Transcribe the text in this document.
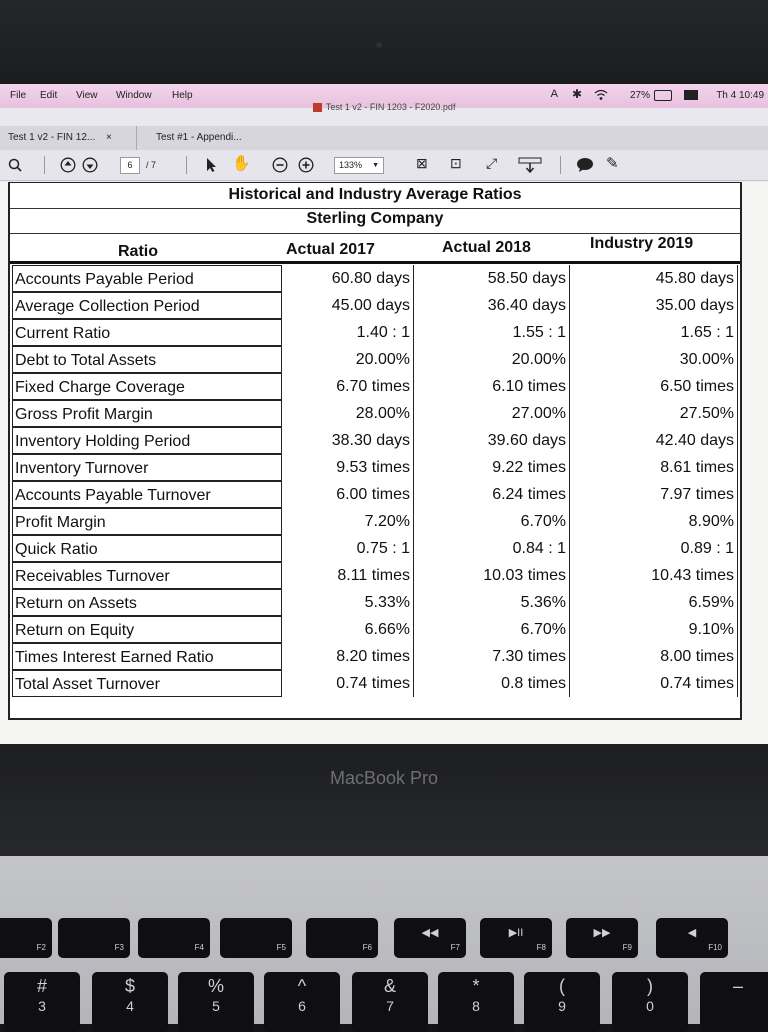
File Edit View Window Help	A ✱	27%	Th 4 10:49
Test 1 v2 - FIN 1203 - F2020.pdf
Test 1 v2 - FIN 12... ×	Test #1 - Appendi...
6	/ 7	✋	133% ▼	⊠ ⊡ ⤢	✎
Historical and Industry Average Ratios
Sterling Company
Ratio	Actual 2017	Actual 2018	Industry 2019
Accounts Payable Period	60.80 days	58.50 days	45.80 days
Average Collection Period	45.00 days	36.40 days	35.00 days
Current Ratio	1.40 : 1	1.55 : 1	1.65 : 1
Debt to Total Assets	20.00%	20.00%	30.00%
Fixed Charge Coverage	6.70 times	6.10 times	6.50 times
Gross Profit Margin	28.00%	27.00%	27.50%
Inventory Holding Period	38.30 days	39.60 days	42.40 days
Inventory Turnover	9.53 times	9.22 times	8.61 times
Accounts Payable Turnover	6.00 times	6.24 times	7.97 times
Profit Margin	7.20%	6.70%	8.90%
Quick Ratio	0.75 : 1	0.84 : 1	0.89 : 1
Receivables Turnover	8.11 times	10.03 times	10.43 times
Return on Assets	5.33%	5.36%	6.59%
Return on Equity	6.66%	6.70%	9.10%
Times Interest Earned Ratio	8.20 times	7.30 times	8.00 times
Total Asset Turnover	0.74 times	0.8 times	0.74 times
MacBook Pro
F2	F3	F4	F5	F6
◀◀
F7
▶II
F8
▶▶
F9
◀
F10
#
3
$
4
%
5
^
6
&
7
*
8
(
9
)
0
–
